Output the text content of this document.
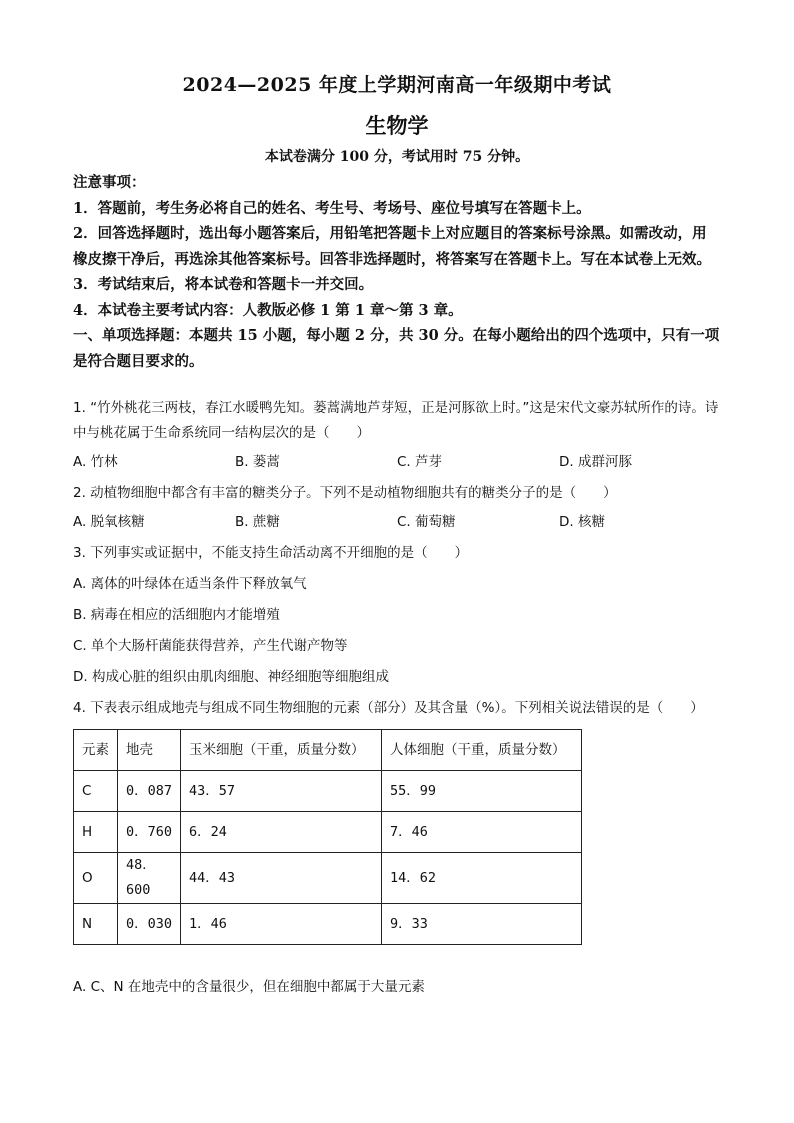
2024—2025 年度上学期河南高一年级期中考试
生物学
本试卷满分 100 分，考试用时 75 分钟。

注意事项：

1．答题前，考生务必将自己的姓名、考生号、考场号、座位号填写在答题卡上。

2．回答选择题时，选出每小题答案后，用铅笔把答题卡上对应题目的答案标号涂黑。如需改动，用橡皮擦干净后，再选涂其他答案标号。回答非选择题时，将答案写在答题卡上。写在本试卷上无效。

3．考试结束后，将本试卷和答题卡一并交回。

4．本试卷主要考试内容：人教版必修 1 第 1 章～第 3 章。

一、单项选择题：本题共 15 小题，每小题 2 分，共 30 分。在每小题给出的四个选项中，只有一项是符合题目要求的。

1. “竹外桃花三两枝，春江水暖鸭先知。蒌蒿满地芦芽短，正是河豚欲上时。”这是宋代文豪苏轼所作的诗。诗中与桃花属于生命系统同一结构层次的是（　　）

A. 竹林	B. 蒌蒿	C. 芦芽	D. 成群河豚

2. 动植物细胞中都含有丰富的糖类分子。下列不是动植物细胞共有的糖类分子的是（　　）

A. 脱氧核糖	B. 蔗糖	C. 葡萄糖	D. 核糖

3. 下列事实或证据中，不能支持生命活动离不开细胞的是（　　）

A. 离体的叶绿体在适当条件下释放氧气

B. 病毒在相应的活细胞内才能增殖

C. 单个大肠杆菌能获得营养，产生代谢产物等

D. 构成心脏的组织由肌肉细胞、神经细胞等细胞组成

4. 下表表示组成地壳与组成不同生物细胞的元素（部分）及其含量（%）。下列相关说法错误的是（　　）

元素	地壳	玉米细胞（干重，质量分数）	人体细胞（干重，质量分数）
C	0．087	43．57	55．99
H	0．760	6．24	7．46
O	48．600	44．43	14．62
N	0．030	1．46	9．33

A. C、N 在地壳中的含量很少，但在细胞中都属于大量元素
